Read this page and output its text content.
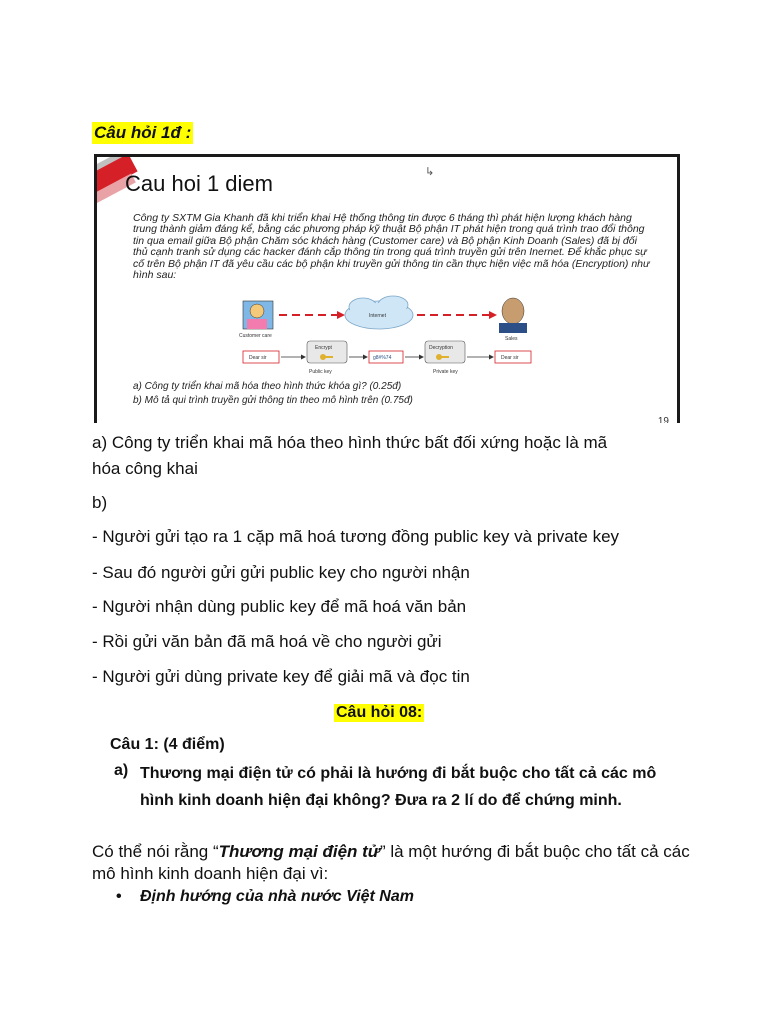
Câu hỏi 1đ :
Cau hoi 1 diem	↳
Công ty SXTM Gia Khanh đã khi triển khai Hệ thống thông tin được 6 tháng thì phát hiện lượng khách hàng trung thành giảm đáng kể, bằng các phương pháp kỹ thuật Bộ phận IT phát hiện trong quá trình trao đổi thông tin qua email giữa Bộ phận Chăm sóc khách hàng (Customer care) và Bộ phận Kinh Doanh (Sales) đã bị đối thủ cạnh tranh sử dụng các hacker đánh cắp thông tin trong quá trình truyền gửi trên Inernet. Để khắc phục sự cố trên Bộ phận IT đã yêu cầu các bộ phận khi truyền gửi thông tin cần thực hiện việc mã hóa (Encryption) như hình sau:
Customer care
Internet
Sales
Dear sir
Encrypt
Public key
g8#%74
Decryption
Private key
Dear sir
a) Công ty triển khai mã hóa theo hình thức khóa gì? (0.25đ)
b) Mô tả qui trình truyền gửi thông tin theo mô hình trên (0.75đ)
19
a) Công ty triển khai mã hóa theo hình thức bất đối xứng hoặc là mã
hóa công khai
b)
- Người gửi tạo ra 1 cặp mã hoá tương đồng public key và private key
- Sau đó người gửi gửi public key cho người nhận
- Người nhận dùng public key để mã hoá văn bản
- Rồi gửi văn bản đã mã hoá về cho người gửi
- Người gửi dùng private key để giải mã và đọc tin
Câu hỏi 08:
Câu 1: (4 điểm)
a) Thương mại điện tử có phải là hướng đi bắt buộc cho tất cả các mô hình kinh doanh hiện đại không? Đưa ra 2 lí do để chứng minh.
Có thể nói rằng “Thương mại điện tử” là một hướng đi bắt buộc cho tất cả các mô hình kinh doanh hiện đại vì:
• Định hướng của nhà nước Việt Nam
